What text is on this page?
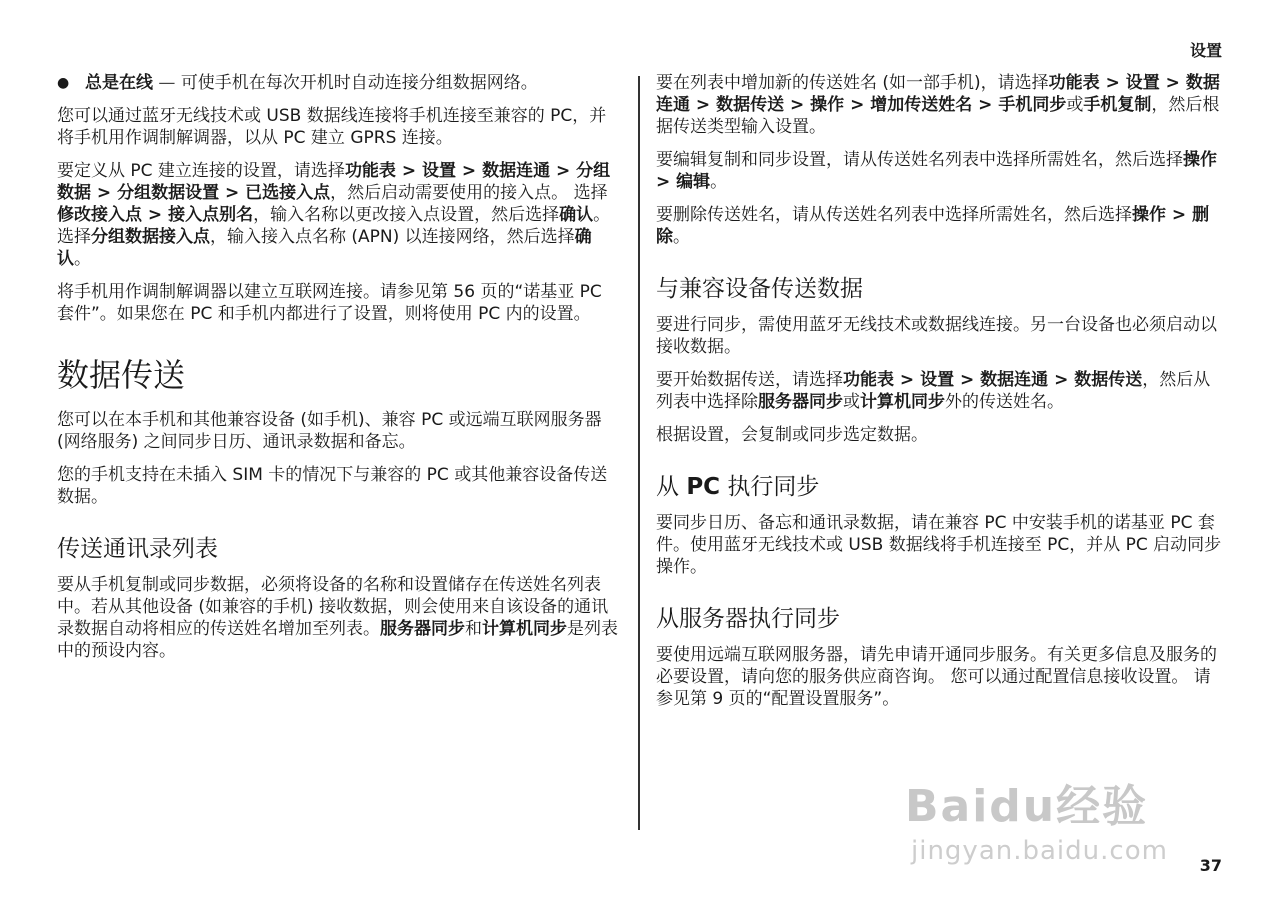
设置
● 总是在线 — 可使手机在每次开机时自动连接分组数据网络。

您可以通过蓝牙无线技术或 USB 数据线连接将手机连接至兼容的 PC，并将手机用作调制解调器，以从 PC 建立 GPRS 连接。

要定义从 PC 建立连接的设置，请选择功能表 > 设置 > 数据连通 > 分组数据 > 分组数据设置 > 已选接入点，然后启动需要使用的接入点。 选择修改接入点 > 接入点别名，输入名称以更改接入点设置，然后选择确认。 选择分组数据接入点，输入接入点名称 (APN) 以连接网络，然后选择确认。

将手机用作调制解调器以建立互联网连接。请参见第 56 页的“诺基亚 PC 套件”。如果您在 PC 和手机内都进行了设置，则将使用 PC 内的设置。

数据传送

您可以在本手机和其他兼容设备 (如手机)、兼容 PC 或远端互联网服务器 (网络服务) 之间同步日历、通讯录数据和备忘。

您的手机支持在未插入 SIM 卡的情况下与兼容的 PC 或其他兼容设备传送数据。

传送通讯录列表

要从手机复制或同步数据，必须将设备的名称和设置储存在传送姓名列表中。若从其他设备 (如兼容的手机) 接收数据，则会使用来自该设备的通讯录数据自动将相应的传送姓名增加至列表。服务器同步和计算机同步是列表中的预设内容。

要在列表中增加新的传送姓名 (如一部手机)，请选择功能表 > 设置 > 数据连通 > 数据传送 > 操作 > 增加传送姓名 > 手机同步或手机复制，然后根据传送类型输入设置。

要编辑复制和同步设置，请从传送姓名列表中选择所需姓名，然后选择操作 > 编辑。

要删除传送姓名，请从传送姓名列表中选择所需姓名，然后选择操作 > 删除。

与兼容设备传送数据

要进行同步，需使用蓝牙无线技术或数据线连接。另一台设备也必须启动以接收数据。

要开始数据传送，请选择功能表 > 设置 > 数据连通 > 数据传送，然后从列表中选择除服务器同步或计算机同步外的传送姓名。

根据设置，会复制或同步选定数据。

从 PC 执行同步

要同步日历、备忘和通讯录数据，请在兼容 PC 中安装手机的诺基亚 PC 套件。使用蓝牙无线技术或 USB 数据线将手机连接至 PC，并从 PC 启动同步操作。

从服务器执行同步

要使用远端互联网服务器，请先申请开通同步服务。有关更多信息及服务的必要设置，请向您的服务供应商咨询。 您可以通过配置信息接收设置。 请参见第 9 页的“配置设置服务”。

Baidu经验
jingyan.baidu.com 37
